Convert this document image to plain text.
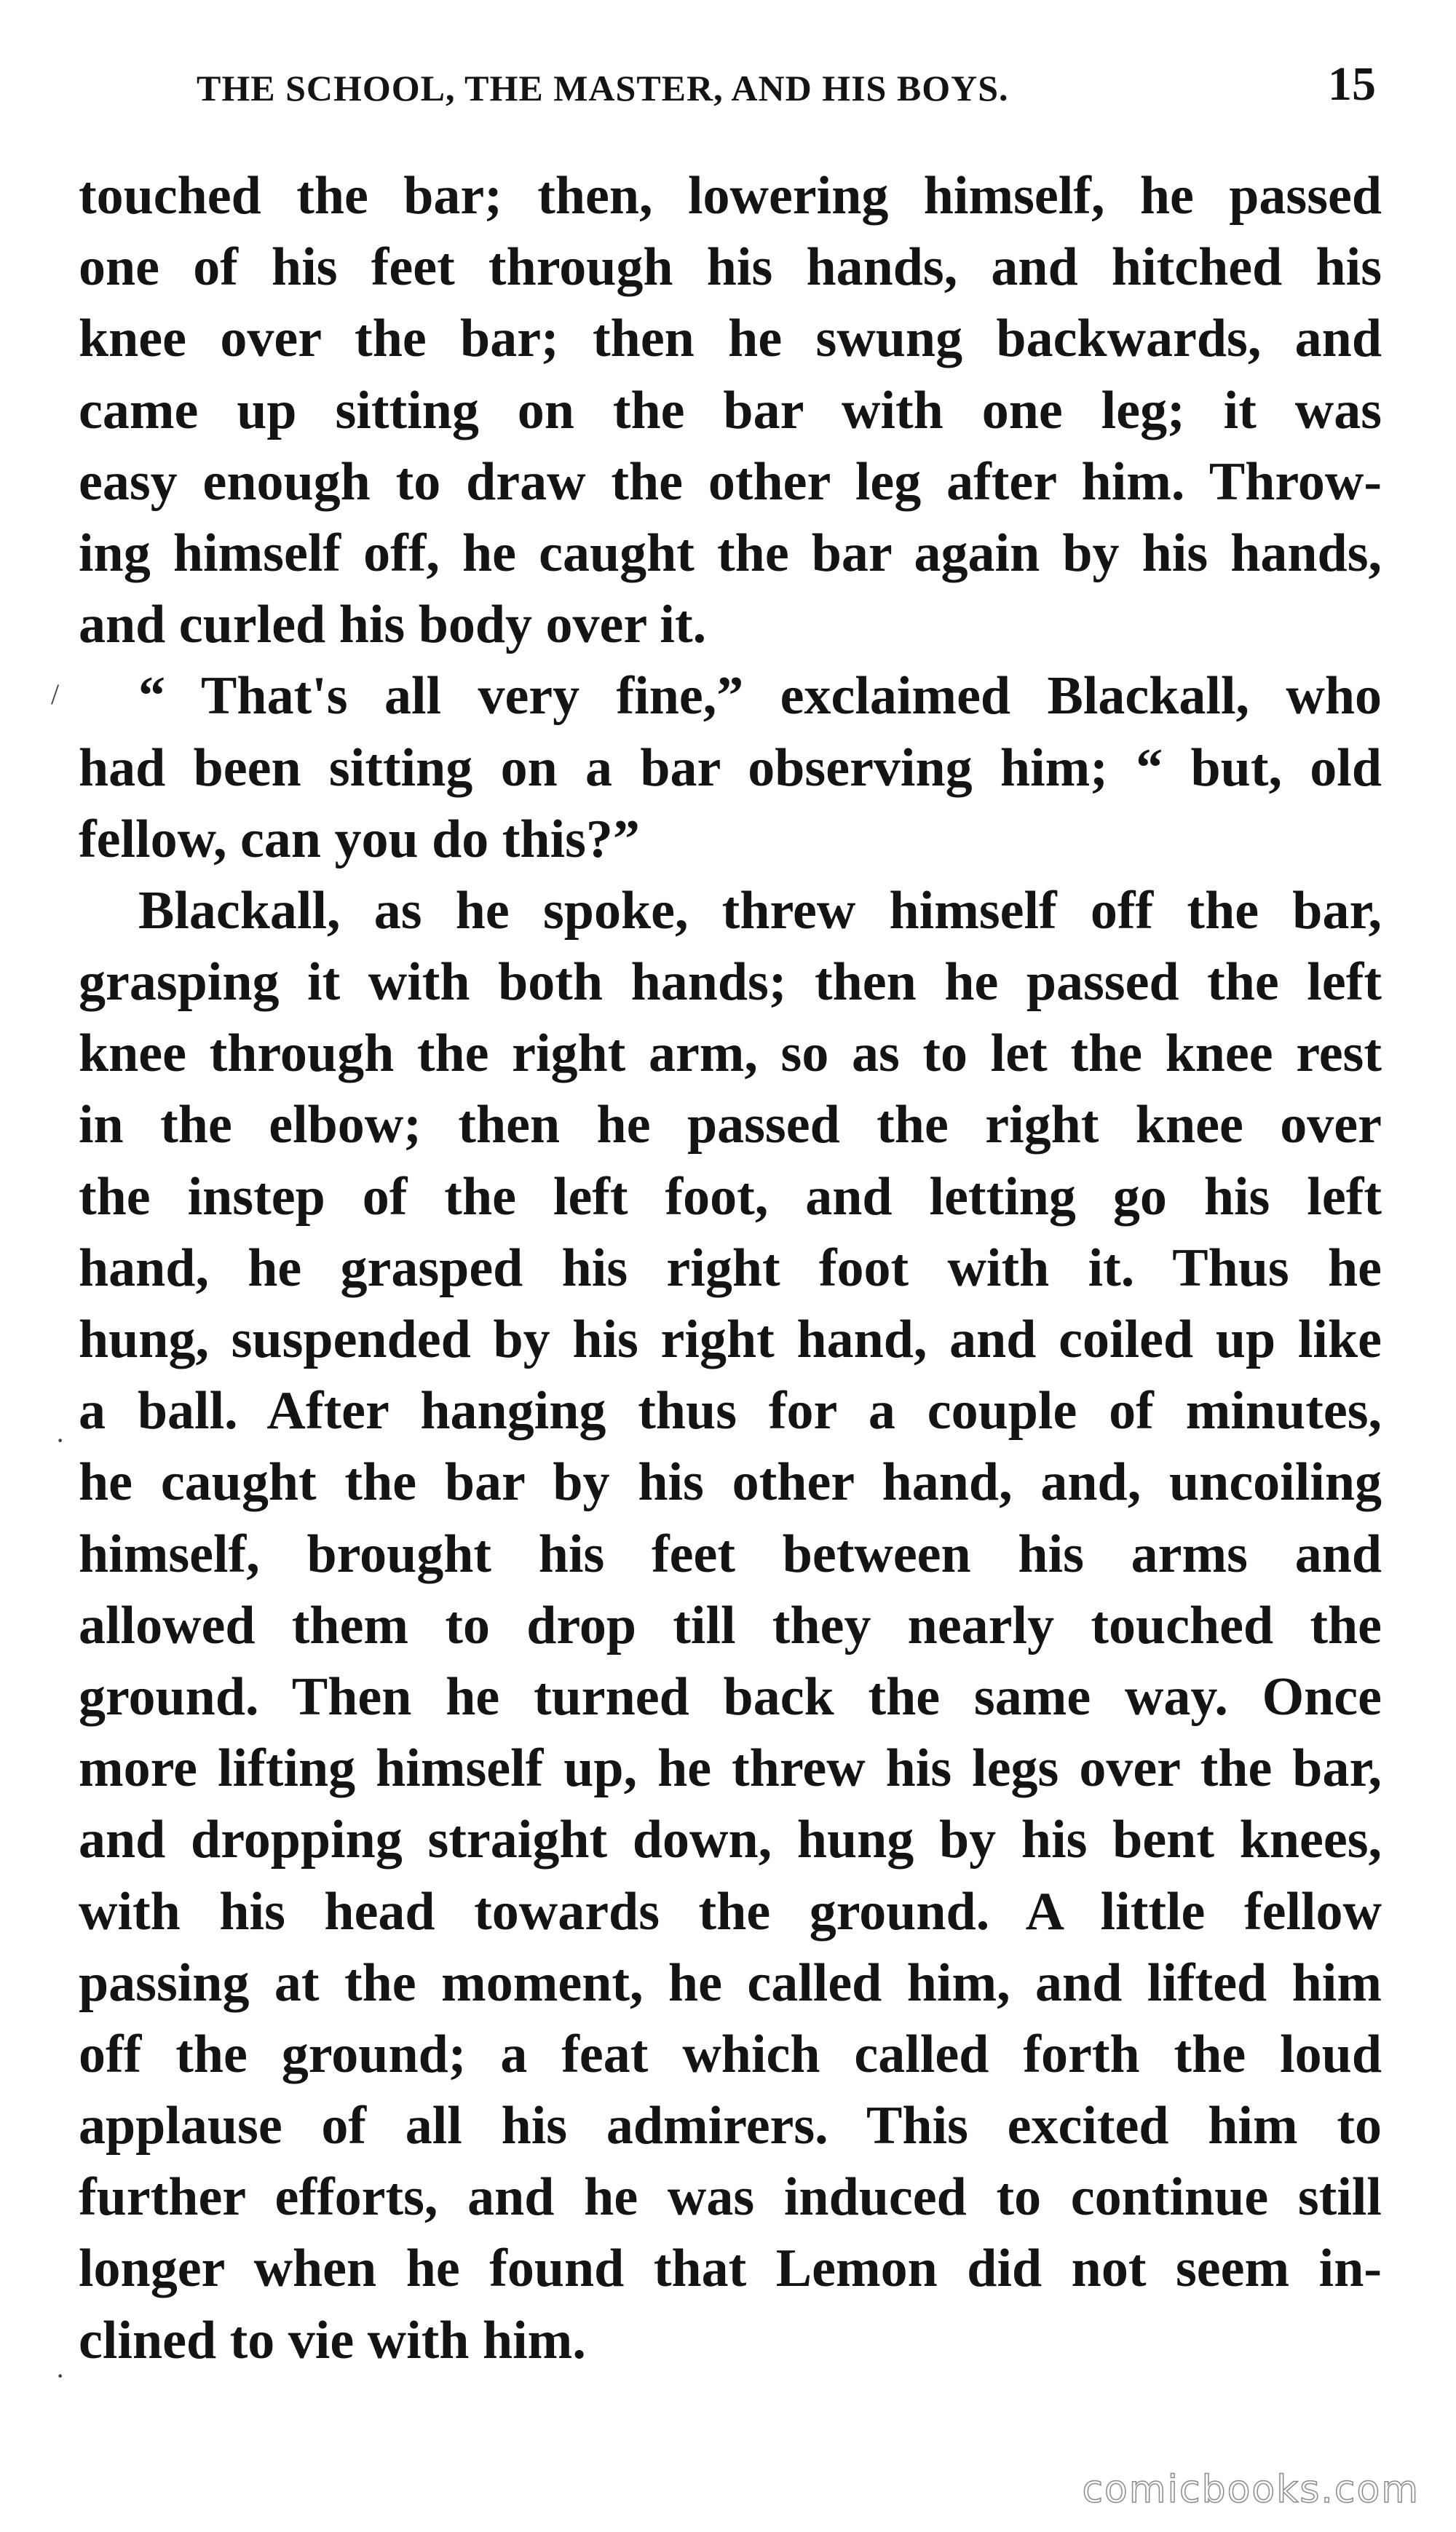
THE SCHOOL, THE MASTER, AND HIS BOYS.	15
touched the bar; then, lowering himself, he passed
one of his feet through his hands, and hitched his
knee over the bar; then he swung backwards, and
came up sitting on the bar with one leg; it was
easy enough to draw the other leg after him. Throw-
ing himself off, he caught the bar again by his hands,
and curled his body over it.
“ That's all very fine,” exclaimed Blackall, who
had been sitting on a bar observing him; “ but, old
fellow, can you do this?”
Blackall, as he spoke, threw himself off the bar,
grasping it with both hands; then he passed the left
knee through the right arm, so as to let the knee rest
in the elbow; then he passed the right knee over
the instep of the left foot, and letting go his left
hand, he grasped his right foot with it. Thus he
hung, suspended by his right hand, and coiled up like
a ball. After hanging thus for a couple of minutes,
he caught the bar by his other hand, and, uncoiling
himself, brought his feet between his arms and
allowed them to drop till they nearly touched the
ground. Then he turned back the same way. Once
more lifting himself up, he threw his legs over the bar,
and dropping straight down, hung by his bent knees,
with his head towards the ground. A little fellow
passing at the moment, he called him, and lifted him
off the ground; a feat which called forth the loud
applause of all his admirers. This excited him to
further efforts, and he was induced to continue still
longer when he found that Lemon did not seem in-
clined to vie with him.
/
·
·
comicbooks.com
